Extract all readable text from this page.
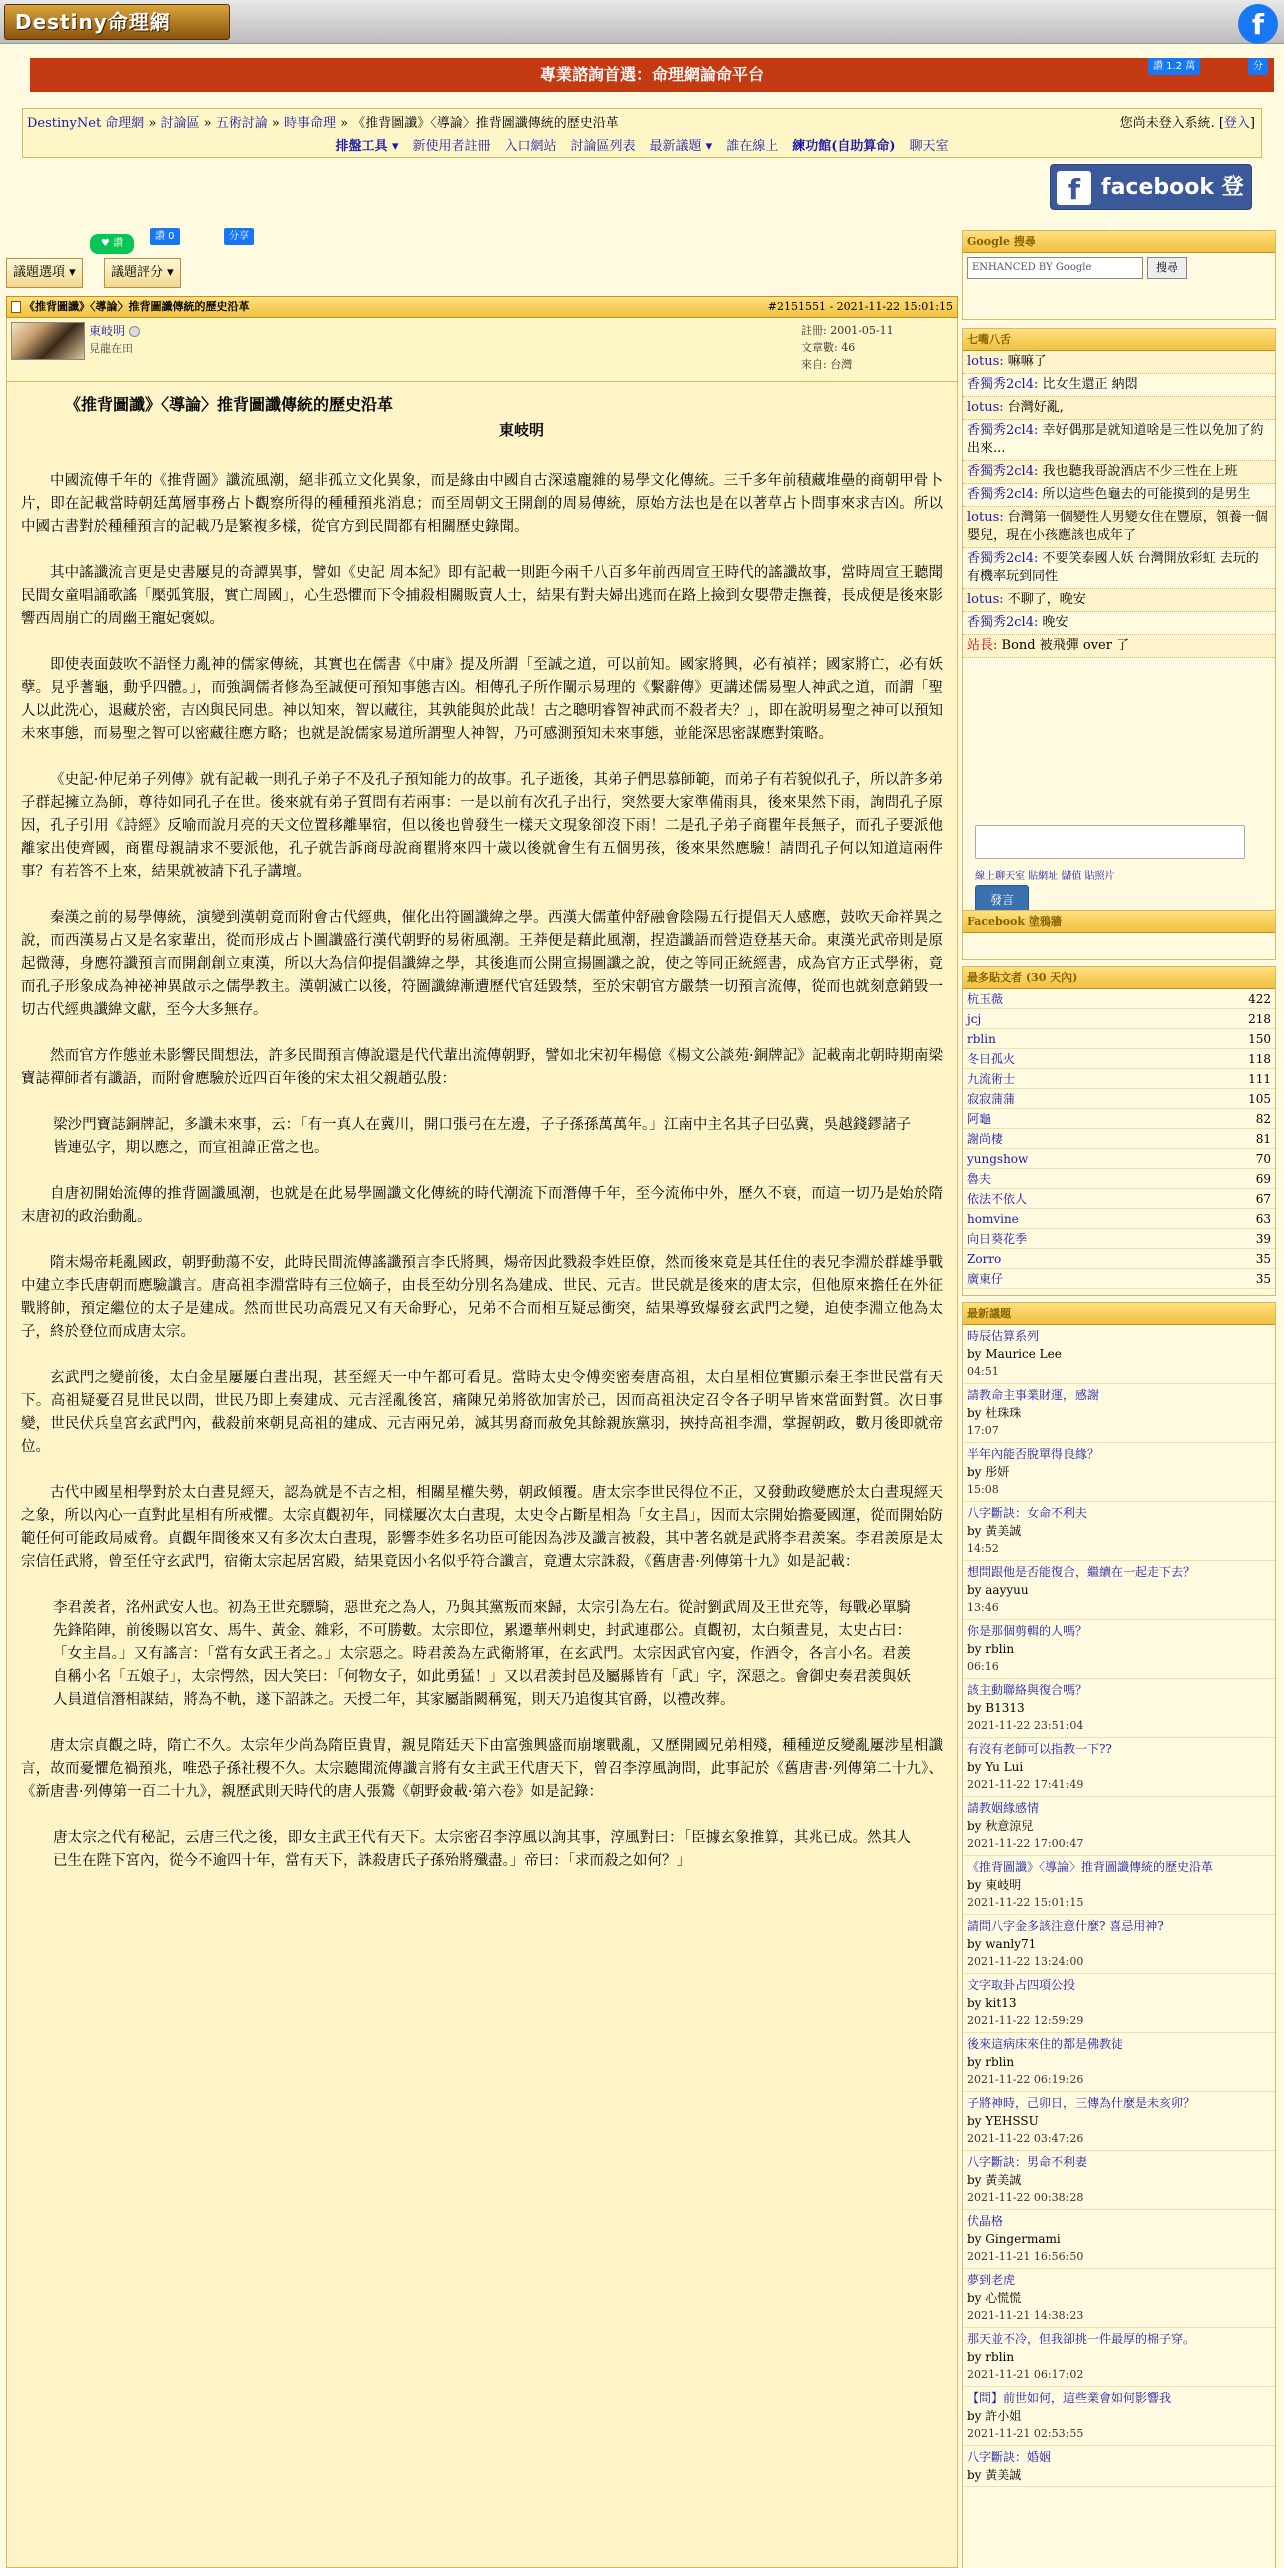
Destiny命理網	f
專業諮詢首選：命理網論命平台	讚 1.2 萬	分
DestinyNet 命理網 » 討論區 » 五術討論 » 時事命理 » 《推背圖讖》〈導論〉推背圖讖傳統的歷史沿革	您尚未登入系統. [登入]
排盤工具 ▾ 新使用者註冊 入口網站 討論區列表 最新議題 ▾ 誰在線上 練功館(自助算命) 聊天室
f facebook 登
♥ 讚
讚 0	分享
議題選項 ▾	議題評分 ▾
《推背圖讖》〈導論〉推背圖讖傳統的歷史沿革	#2151551 - 2021-11-22 15:01:15
東岐明
見龍在田
註冊: 2001-05-11
文章數: 46
來自: 台灣
《推背圖讖》〈導論〉推背圖讖傳統的歷史沿革
東岐明

中國流傳千年的《推背圖》讖流風潮，絕非孤立文化異象，而是緣由中國自古深遠龐雜的易學文化傳統。三千多年前積藏堆壘的商朝甲骨卜片，即在記載當時朝廷萬層事務占卜觀察所得的種種預兆消息；而至周朝文王開創的周易傳統，原始方法也是在以著草占卜問事來求吉凶。所以中國古書對於種種預言的記載乃是繁複多樣，從官方到民間都有相關歷史錄聞。

其中謠讖流言更是史書屢見的奇譚異事，譬如《史記 周本紀》即有記載一則距今兩千八百多年前西周宣王時代的謠讖故事，當時周宣王聽聞民間女童唱誦歌謠「檿弧箕服，實亡周國」，心生恐懼而下令捕殺相關販賣人士，結果有對夫婦出逃而在路上撿到女嬰帶走撫養，長成便是後來影響西周崩亡的周幽王寵妃褒姒。

即使表面鼓吹不語怪力亂神的儒家傳統，其實也在儒書《中庸》提及所謂「至誠之道，可以前知。國家將興，必有禎祥；國家將亡，必有妖孽。見乎蓍龜，動乎四體。」，而強調儒者修為至誠便可預知事態吉凶。相傳孔子所作闡示易理的《繫辭傳》更講述儒易聖人神武之道，而謂「聖人以此洗心，退藏於密，吉凶與民同患。神以知來，智以藏往，其孰能與於此哉！古之聰明睿智神武而不殺者夫？」，即在說明易聖之神可以預知未來事態，而易聖之智可以密藏往應方略；也就是說儒家易道所謂聖人神智，乃可感測預知未來事態，並能深思密謀應對策略。

《史記·仲尼弟子列傳》就有記載一則孔子弟子不及孔子預知能力的故事。孔子逝後，其弟子們思慕師範，而弟子有若貌似孔子，所以許多弟子群起擁立為師，尊待如同孔子在世。後來就有弟子質問有若兩事：一是以前有次孔子出行，突然要大家準備雨具，後來果然下雨，詢問孔子原因，孔子引用《詩經》反喻而說月亮的天文位置移離畢宿，但以後也曾發生一樣天文現象卻沒下雨！二是孔子弟子商瞿年長無子，而孔子要派他離家出使齊國，商瞿母親請求不要派他，孔子就告訴商母說商瞿將來四十歲以後就會生有五個男孩，後來果然應驗！請問孔子何以知道這兩件事？有若答不上來，結果就被請下孔子講壇。

秦漢之前的易學傳統，演變到漢朝竟而附會古代經典，催化出符圖讖緯之學。西漢大儒董仲舒融會陰陽五行提倡天人感應，鼓吹天命祥異之說，而西漢易占又是名家輩出，從而形成占卜圖讖盛行漢代朝野的易術風潮。王莽便是藉此風潮，捏造讖語而營造登基天命。東漢光武帝則是原起微薄，身應符讖預言而開創創立東漢，所以大為信仰提倡讖緯之學，其後進而公開宣揚圖讖之說，使之等同正統經書，成為官方正式學術，竟而孔子形象成為神祕神異啟示之儒學教主。漢朝滅亡以後，符圖讖緯漸遭歷代官廷毀禁，至於宋朝官方嚴禁一切預言流傳，從而也就刻意銷毀一切古代經典讖緯文獻，至今大多無存。

然而官方作態並未影響民間想法，許多民間預言傳說還是代代輩出流傳朝野，譬如北宋初年楊億《楊文公談苑·銅牌記》記載南北朝時期南梁寶誌禪師者有讖語，而附會應驗於近四百年後的宋太祖父親趙弘殷：

梁沙門寶誌銅牌記，多讖未來事，云：「有一真人在冀川，開口張弓在左邊，子子孫孫萬萬年。」江南中主名其子曰弘冀，吳越錢鏐諸子皆連弘字，期以應之，而宣祖諱正當之也。

自唐初開始流傳的推背圖讖風潮，也就是在此易學圖讖文化傳統的時代潮流下而潛傳千年，至今流佈中外，歷久不衰，而這一切乃是始於隋末唐初的政治動亂。

隋末煬帝耗亂國政，朝野動蕩不安，此時民間流傳謠讖預言李氏將興，煬帝因此戮殺李姓臣僚，然而後來竟是其任住的表兄李淵於群雄爭戰中建立李氏唐朝而應驗讖言。唐高祖李淵當時有三位嫡子，由長至幼分別名為建成、世民、元吉。世民就是後來的唐太宗，但他原來擔任在外征戰將帥，預定繼位的太子是建成。然而世民功高震兄又有天命野心，兄弟不合而相互疑忌衝突，結果導致爆發玄武門之變，迫使李淵立他為太子，終於登位而成唐太宗。

玄武門之變前後，太白金星屢屢白晝出現，甚至經天一中午都可看見。當時太史令傅奕密奏唐高祖，太白星相位實顯示秦王李世民當有天下。高祖疑憂召見世民以問，世民乃即上奏建成、元吉淫亂後宮，痛陳兄弟將欲加害於己，因而高祖決定召令各子明早皆來當面對質。次日事變，世民伏兵皇宮玄武門內，截殺前來朝見高祖的建成、元吉兩兄弟，滅其男裔而赦免其餘親族黨羽，挾持高祖李淵，掌握朝政，數月後即就帝位。

古代中國星相學對於太白晝見經天，認為就是不吉之相，相關星權失勢，朝政傾覆。唐太宗李世民得位不正，又發動政變應於太白晝現經天之象，所以內心一直對此星相有所戒懼。太宗貞觀初年，同樣屢次太白晝現，太史令占斷星相為「女主昌」，因而太宗開始擔憂國運，從而開始防範任何可能政局威脅。貞觀年間後來又有多次太白晝現，影響李姓多名功臣可能因為涉及讖言被殺，其中著名就是武將李君羨案。李君羨原是太宗信任武將，曾至任守玄武門，宿衛太宗起居宮殿，結果竟因小名似乎符合讖言，竟遭太宗誅殺，《舊唐書·列傳第十九》如是記載：

李君羨者，洺州武安人也。初為王世充驃騎，惡世充之為人，乃與其黨叛而來歸，太宗引為左右。從討劉武周及王世充等，每戰必單騎先鋒陷陣，前後賜以宮女、馬牛、黃金、雜彩，不可勝數。太宗即位，累遷華州刺史，封武連郡公。貞觀初，太白頻晝見，太史占曰：「女主昌。」又有謠言：「當有女武王者之。」太宗惡之。時君羨為左武衛將軍，在玄武門。太宗因武官內宴，作酒令，各言小名。君羨自稱小名「五娘子」，太宗愕然，因大笑曰：「何物女子，如此勇猛！」又以君羨封邑及屬縣皆有「武」字，深惡之。會御史奏君羨與妖人員道信潛相謀結，將為不軌，遂下詔誅之。天授二年，其家屬詣闕稱冤，則天乃追復其官爵，以禮改葬。

唐太宗貞觀之時，隋亡不久。太宗年少尚為隋臣貴胄，親見隋廷天下由富強興盛而崩壞戰亂，又歷開國兄弟相殘，種種逆反變亂屢涉星相讖言，故而憂懼危禍預兆，唯恐子孫社稷不久。太宗聽聞流傳讖言將有女主武王代唐天下，曾召李淳風詢問，此事記於《舊唐書·列傳第二十九》、《新唐書·列傳第一百二十九》，親歷武則天時代的唐人張鷟《朝野僉載·第六卷》如是記錄：

唐太宗之代有秘記，云唐三代之後，即女主武王代有天下。太宗密召李淳風以詢其事，淳風對曰：「臣據玄象推算，其兆已成。然其人已生在陛下宮內，從今不逾四十年，當有天下，誅殺唐氏子孫殆將殲盡。」帝曰：「求而殺之如何？」

Google 搜尋
ENHANCED BY Google	搜尋
七嘴八舌
lotus: 嘛嘛了
香獨秀2cl4: 比女生還正 納悶
lotus: 台灣好亂,
香獨秀2cl4: 幸好偶那是就知道啥是三性以免加了約出來...
香獨秀2cl4: 我也聽我哥說酒店不少三性在上班
香獨秀2cl4: 所以這些色龜去的可能摸到的是男生
lotus: 台灣第一個變性人男變女住在豐原，領養一個嬰兒，現在小孩應該也成年了
香獨秀2cl4: 不要笑泰國人妖 台灣開放彩虹 去玩的有機率玩到同性
lotus: 不聊了，晚安
香獨秀2cl4: 晚安
站長: Bond 被飛彈 over 了
線上聊天室 貼網址 儲值 貼照片
發言
Facebook 塗鴉牆
最多貼文者 (30 天內)
杭玉薇	422
jcj	218
rblin	150
冬日孤火	118
九流術士	111
寂寂蒲蒲	105
阿龜	82
謝尚棲	81
yungshow	70
魯夫	69
依法不依人	67
homvine	63
向日葵花季	39
Zorro	35
廣東仔	35
最新議題
時辰估算系列
by Maurice Lee
04:51
請教命主事業財運，感謝
by 杜珠珠
17:07
半年內能否脫單得良緣？
by 彤妍
15:08
八字斷訣：女命不利夫
by 黃美誠
14:52
想問跟他是否能復合，繼續在一起走下去？
by aayyuu
13:46
你是那個剪輯的人嗎？
by rblin
06:16
該主動聯絡與復合嗎？
by B1313
2021-11-22 23:51:04
有沒有老師可以指教一下??
by Yu Lui
2021-11-22 17:41:49
請教姻緣感情
by 秋意涼兒
2021-11-22 17:00:47
《推背圖讖》〈導論〉推背圖讖傳統的歷史沿革
by 東岐明
2021-11-22 15:01:15
請問八字金多該注意什麼? 喜忌用神?
by wanly71
2021-11-22 13:24:00
文字取卦占四項公投
by kit13
2021-11-22 12:59:29
後來這病床來住的都是佛教徒
by rblin
2021-11-22 06:19:26
子將神時，己卯日，三傳為什麼是未亥卯？
by YEHSSU
2021-11-22 03:47:26
八字斷訣：男命不利妻
by 黃美誠
2021-11-22 00:38:28
伏晶格
by Gingermami
2021-11-21 16:56:50
夢到老虎
by 心慌慌
2021-11-21 14:38:23
那天並不冷，但我卻挑一件最厚的棉子穿。
by rblin
2021-11-21 06:17:02
【問】前世如何，這些業會如何影響我
by 許小姐
2021-11-21 02:53:55
八字斷訣：婚姻
by 黃美誠
